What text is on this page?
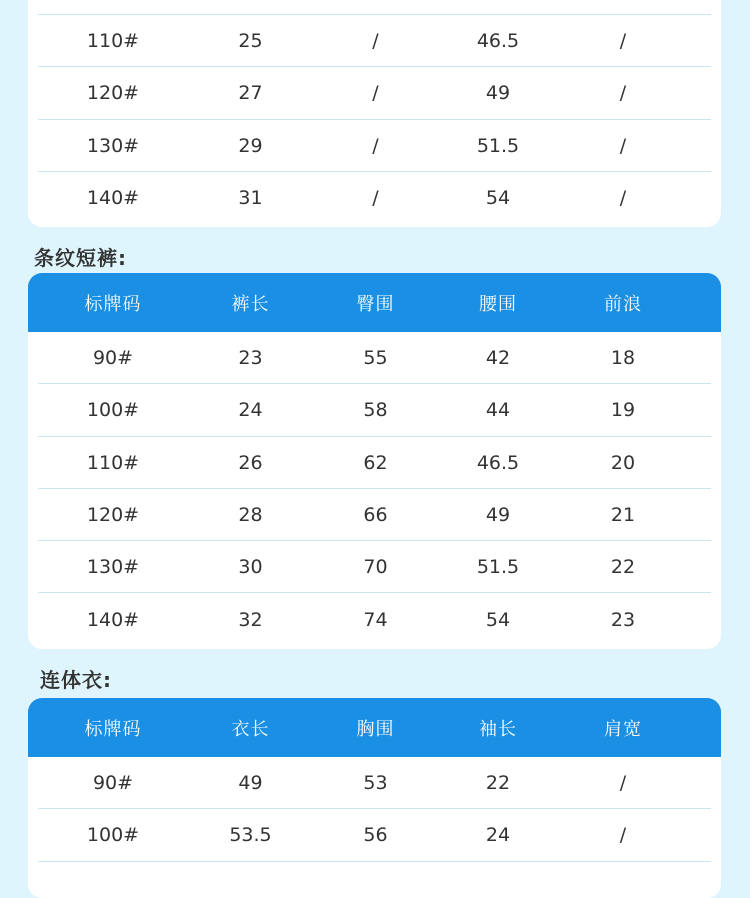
110#	25	/	46.5	/
120#	27	/	49	/
130#	29	/	51.5	/
140#	31	/	54	/
条纹短裤:
标牌码	裤长	臀围	腰围	前浪
90#	23	55	42	18
100#	24	58	44	19
110#	26	62	46.5	20
120#	28	66	49	21
130#	30	70	51.5	22
140#	32	74	54	23
连体衣:
标牌码	衣长	胸围	袖长	肩宽
90#	49	53	22	/
100#	53.5	56	24	/
